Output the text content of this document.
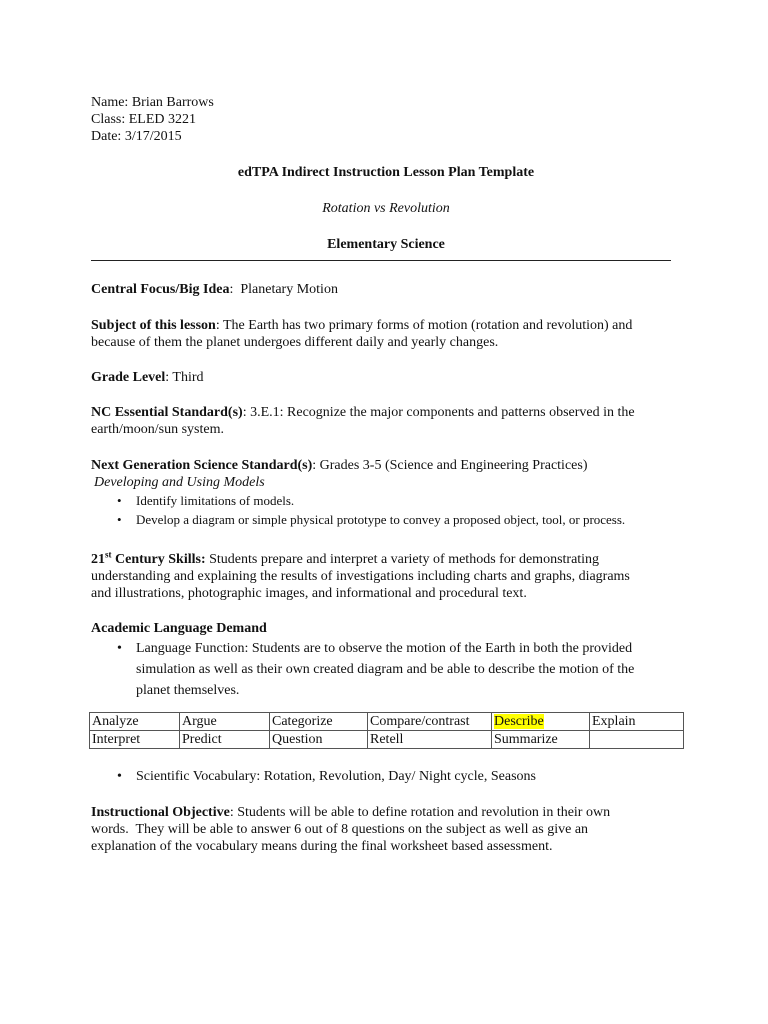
Name: Brian Barrows
Class: ELED 3221
Date: 3/17/2015
edTPA Indirect Instruction Lesson Plan Template
Rotation vs Revolution
Elementary Science
Central Focus/Big Idea:  Planetary Motion
Subject of this lesson: The Earth has two primary forms of motion (rotation and revolution) and
because of them the planet undergoes different daily and yearly changes.
Grade Level: Third
NC Essential Standard(s): 3.E.1: Recognize the major components and patterns observed in the
earth/moon/sun system.
Next Generation Science Standard(s): Grades 3-5 (Science and Engineering Practices)
Developing and Using Models
• Identify limitations of models.
• Develop a diagram or simple physical prototype to convey a proposed object, tool, or process.
21st Century Skills: Students prepare and interpret a variety of methods for demonstrating
understanding and explaining the results of investigations including charts and graphs, diagrams
and illustrations, photographic images, and informational and procedural text.
Academic Language Demand
• Language Function: Students are to observe the motion of the Earth in both the provided
simulation as well as their own created diagram and be able to describe the motion of the
planet themselves.
Analyze	Argue	Categorize	Compare/contrast	Describe	Explain
Interpret	Predict	Question	Retell	Summarize	
• Scientific Vocabulary: Rotation, Revolution, Day/ Night cycle, Seasons
Instructional Objective: Students will be able to define rotation and revolution in their own
words.  They will be able to answer 6 out of 8 questions on the subject as well as give an
explanation of the vocabulary means during the final worksheet based assessment.
